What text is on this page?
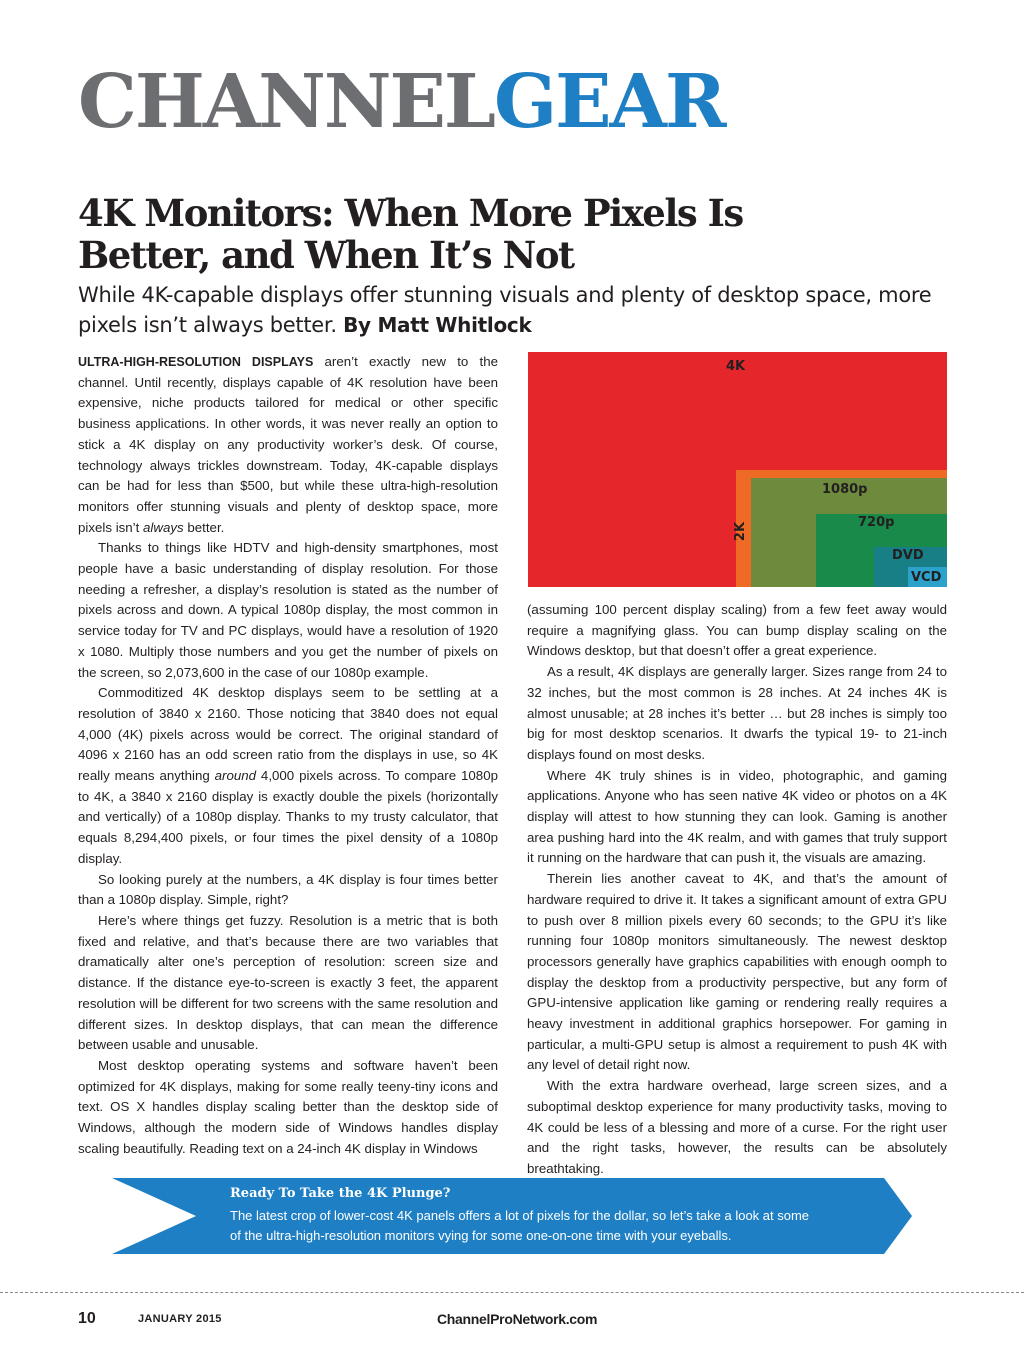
CHANNELGEAR
4K Monitors: When More Pixels Is Better, and When It’s Not
While 4K-capable displays offer stunning visuals and plenty of desktop space, more pixels isn’t always better. By Matt Whitlock

ULTRA-HIGH-RESOLUTION DISPLAYS aren’t exactly new to the channel. Until recently, displays capable of 4K resolution have been expensive, niche products tailored for medical or other specific business applications. In other words, it was never really an option to stick a 4K display on any productivity worker’s desk. Of course, technology always trickles downstream. Today, 4K-capable displays can be had for less than $500, but while these ultra-high-resolution monitors offer stunning visuals and plenty of desktop space, more pixels isn’t always better.

Thanks to things like HDTV and high-density smartphones, most people have a basic understanding of display resolution. For those needing a refresher, a display’s resolution is stated as the number of pixels across and down. A typical 1080p display, the most common in service today for TV and PC displays, would have a resolution of 1920 x 1080. Multiply those numbers and you get the number of pixels on the screen, so 2,073,600 in the case of our 1080p example.

Commoditized 4K desktop displays seem to be settling at a resolution of 3840 x 2160. Those noticing that 3840 does not equal 4,000 (4K) pixels across would be correct. The original standard of 4096 x 2160 has an odd screen ratio from the displays in use, so 4K really means anything around 4,000 pixels across. To compare 1080p to 4K, a 3840 x 2160 display is exactly double the pixels (horizontally and vertically) of a 1080p display. Thanks to my trusty calculator, that equals 8,294,400 pixels, or four times the pixel density of a 1080p display.

So looking purely at the numbers, a 4K display is four times better than a 1080p display. Simple, right?

Here’s where things get fuzzy. Resolution is a metric that is both fixed and relative, and that’s because there are two variables that dramatically alter one’s perception of resolution: screen size and distance. If the distance eye-to-screen is exactly 3 feet, the apparent resolution will be different for two screens with the same resolution and different sizes. In desktop displays, that can mean the difference between usable and unusable.

Most desktop operating systems and software haven’t been optimized for 4K displays, making for some really teeny-tiny icons and text. OS X handles display scaling better than the desktop side of Windows, although the modern side of Windows handles display scaling beautifully. Reading text on a 24-inch 4K display in Windows

4K
1080p
720p
DVD
VCD
2K

(assuming 100 percent display scaling) from a few feet away would require a magnifying glass. You can bump display scaling on the Windows desktop, but that doesn’t offer a great experience.

As a result, 4K displays are generally larger. Sizes range from 24 to 32 inches, but the most common is 28 inches. At 24 inches 4K is almost unusable; at 28 inches it’s better … but 28 inches is simply too big for most desktop scenarios. It dwarfs the typical 19- to 21-inch displays found on most desks.

Where 4K truly shines is in video, photographic, and gaming applications. Anyone who has seen native 4K video or photos on a 4K display will attest to how stunning they can look. Gaming is another area pushing hard into the 4K realm, and with games that truly support it running on the hardware that can push it, the visuals are amazing.

Therein lies another caveat to 4K, and that’s the amount of hardware required to drive it. It takes a significant amount of extra GPU to push over 8 million pixels every 60 seconds; to the GPU it’s like running four 1080p monitors simultaneously. The newest desktop processors generally have graphics capabilities with enough oomph to display the desktop from a productivity perspective, but any form of GPU-intensive application like gaming or rendering really requires a heavy investment in additional graphics horsepower. For gaming in particular, a multi-GPU setup is almost a requirement to push 4K with any level of detail right now.

With the extra hardware overhead, large screen sizes, and a suboptimal desktop experience for many productivity tasks, moving to 4K could be less of a blessing and more of a curse. For the right user and the right tasks, however, the results can be absolutely breathtaking.

Ready To Take the 4K Plunge?
The latest crop of lower-cost 4K panels offers a lot of pixels for the dollar, so let’s take a look at some of the ultra-high-resolution monitors vying for some one-on-one time with your eyeballs.
10	JANUARY 2015	ChannelProNetwork.com
